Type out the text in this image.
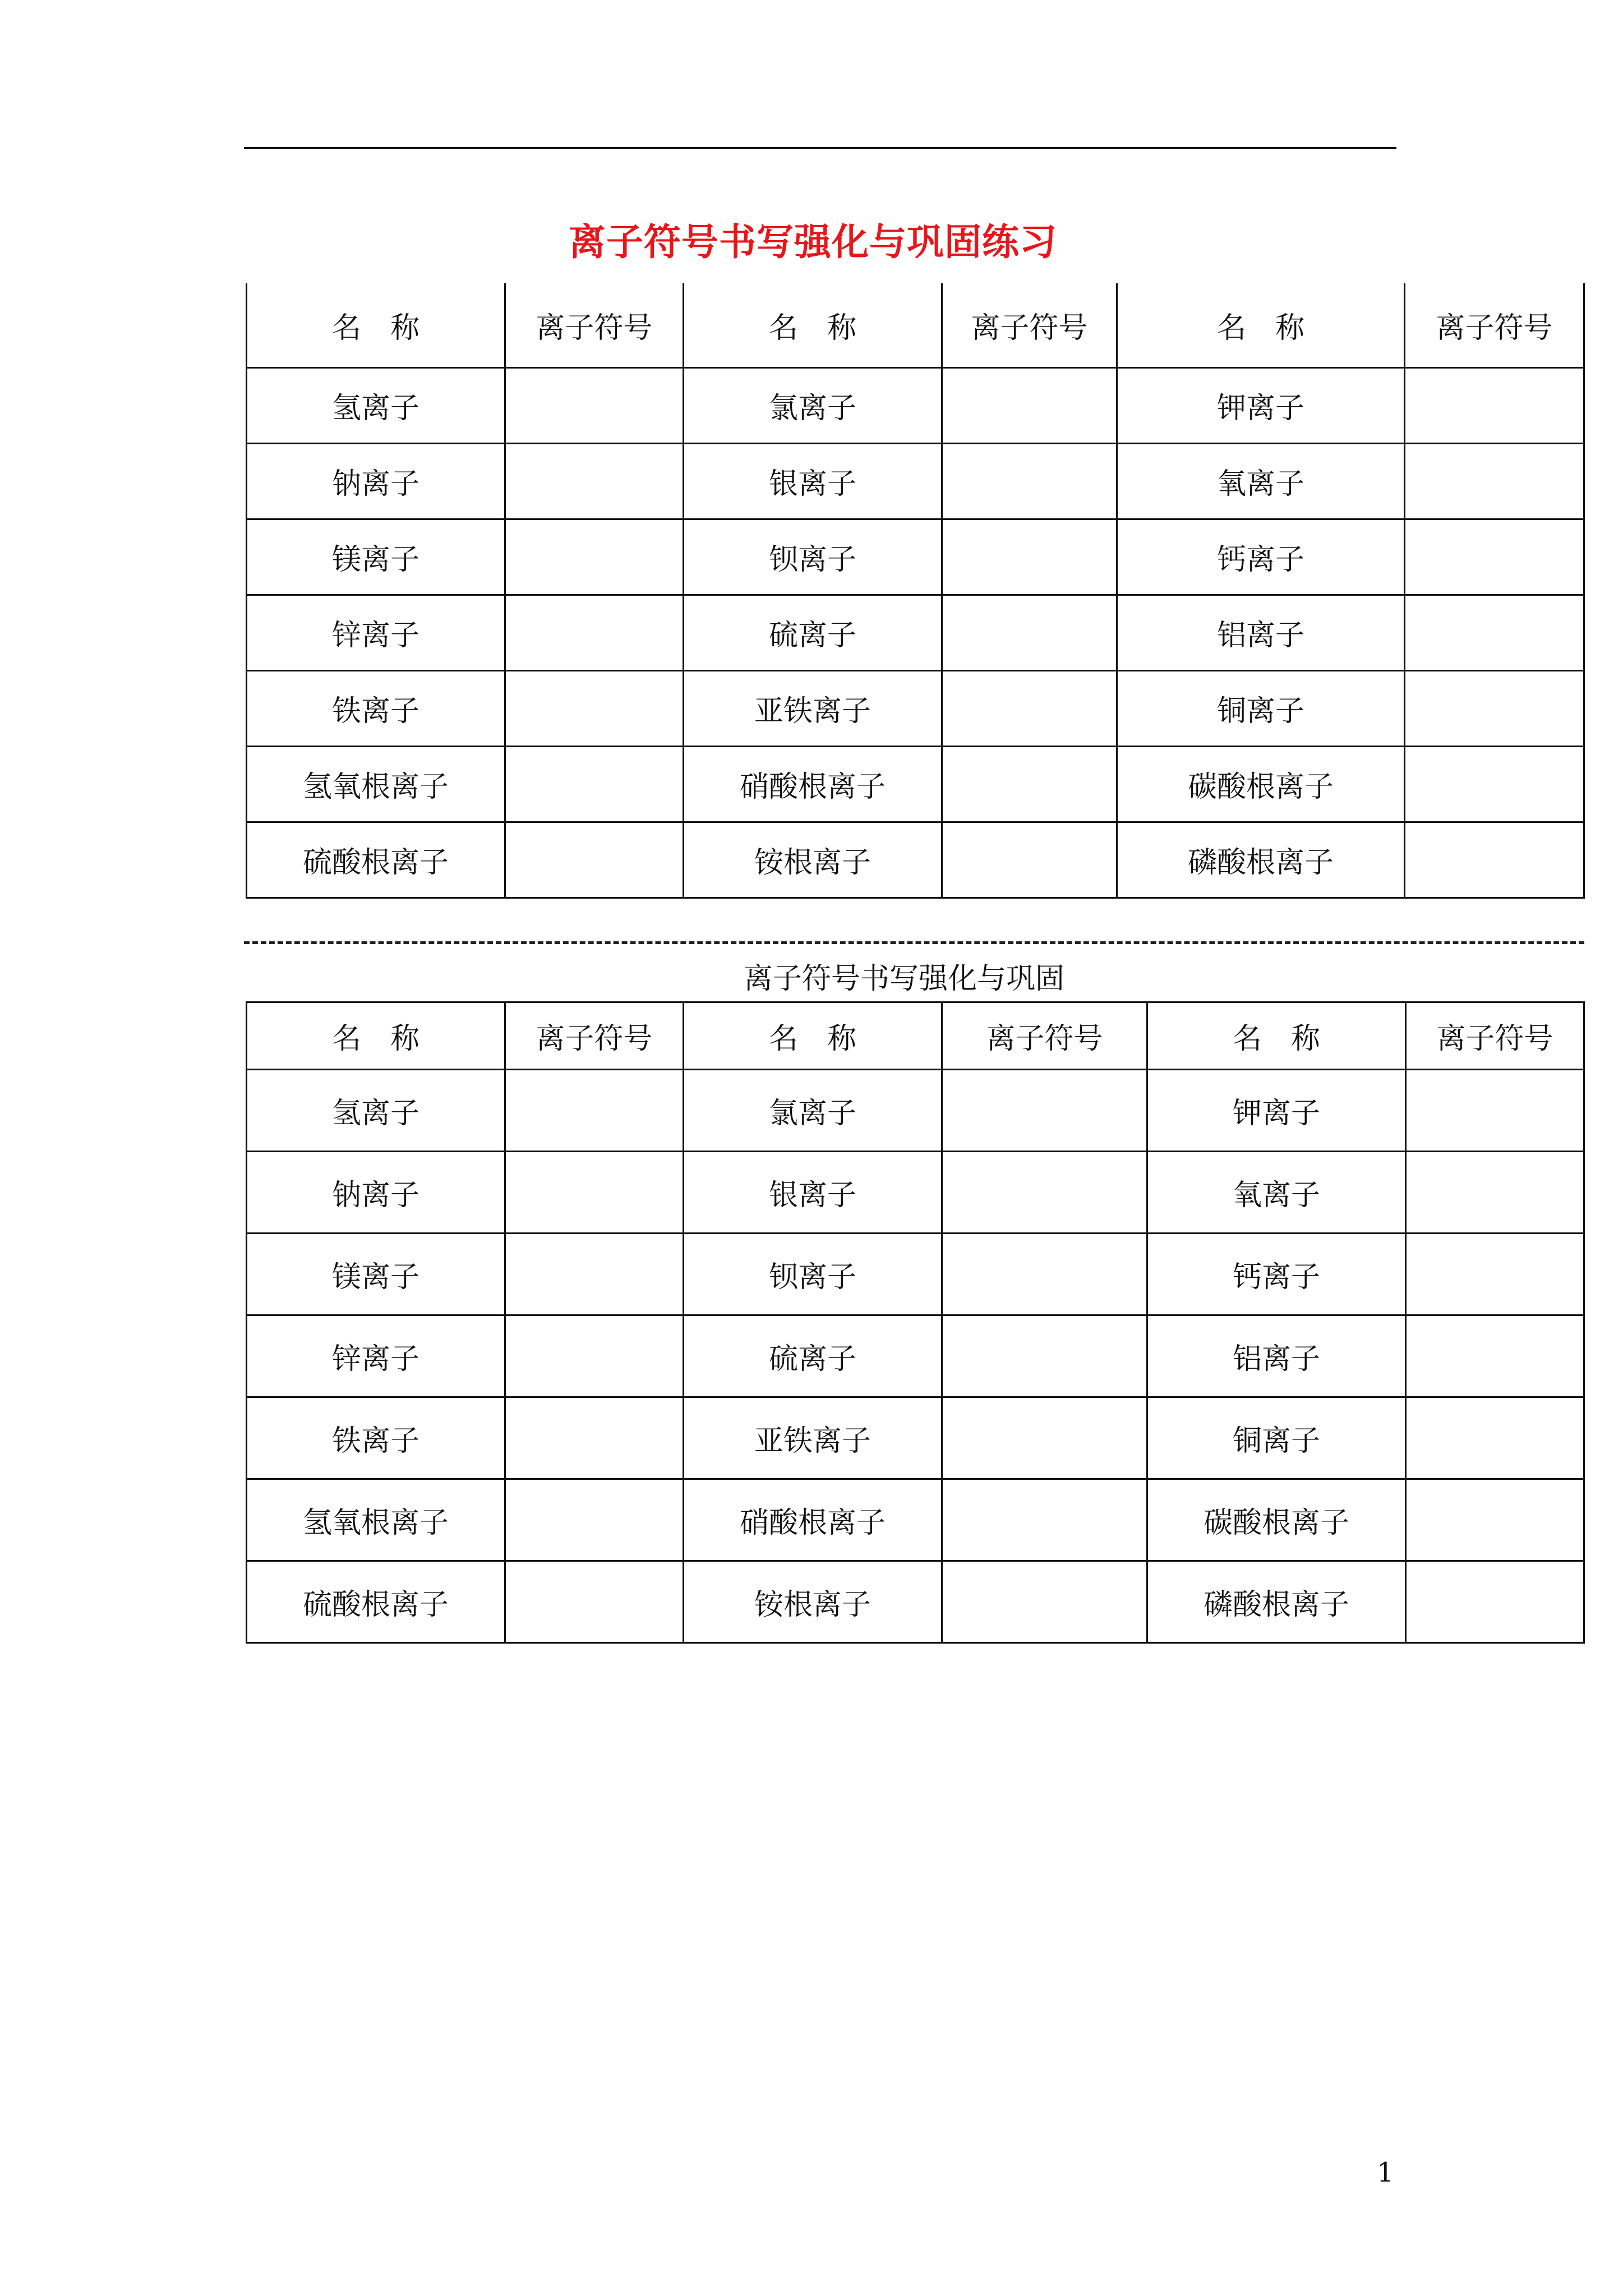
离子符号书写强化与巩固练习
名　称	离子符号	名　称	离子符号	名　称	离子符号
氢离子		氯离子		钾离子	
钠离子		银离子		氧离子	
镁离子		钡离子		钙离子	
锌离子		硫离子		铝离子	
铁离子		亚铁离子		铜离子	
氢氧根离子		硝酸根离子		碳酸根离子	
硫酸根离子		铵根离子		磷酸根离子	
离子符号书写强化与巩固
名　称	离子符号	名　称	离子符号	名　称	离子符号
氢离子		氯离子		钾离子	
钠离子		银离子		氧离子	
镁离子		钡离子		钙离子	
锌离子		硫离子		铝离子	
铁离子		亚铁离子		铜离子	
氢氧根离子		硝酸根离子		碳酸根离子	
硫酸根离子		铵根离子		磷酸根离子	
1
